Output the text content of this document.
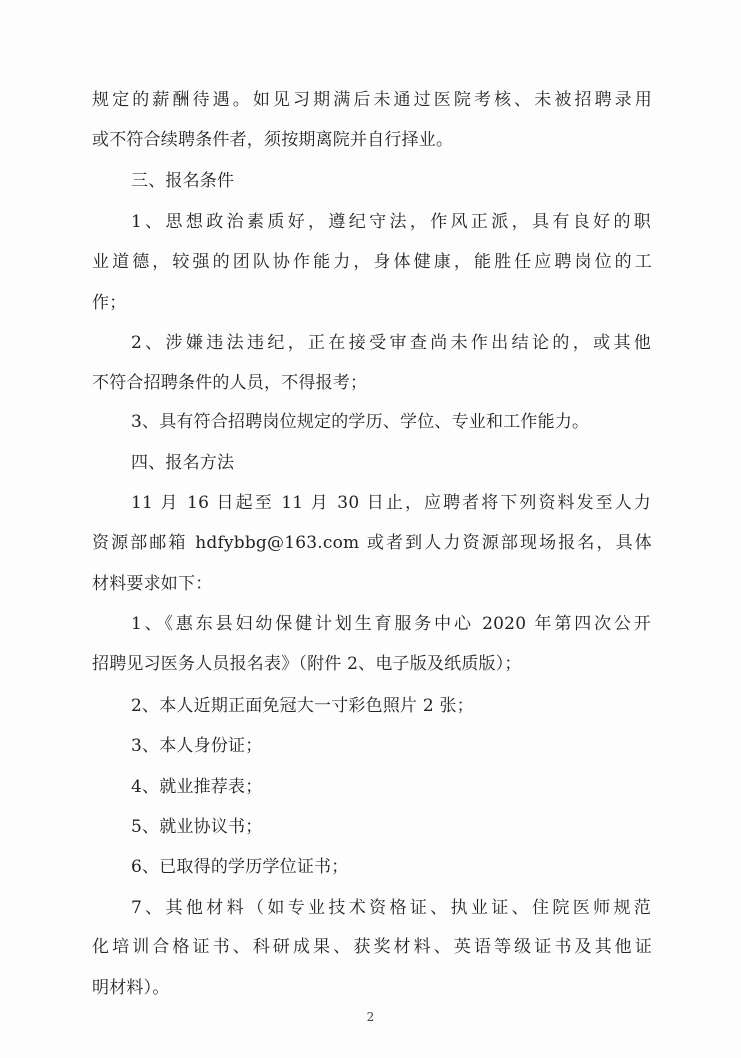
规定的薪酬待遇。如见习期满后未通过医院考核、未被招聘录用
或不符合续聘条件者，须按期离院并自行择业。
三、报名条件
1、思想政治素质好，遵纪守法，作风正派，具有良好的职
业道德，较强的团队协作能力，身体健康，能胜任应聘岗位的工
作；
2、涉嫌违法违纪，正在接受审查尚未作出结论的，或其他
不符合招聘条件的人员，不得报考；
3、具有符合招聘岗位规定的学历、学位、专业和工作能力。
四、报名方法
11 月 16 日起至 11 月 30 日止，应聘者将下列资料发至人力
资源部邮箱 hdfybbg@163.com 或者到人力资源部现场报名，具体
材料要求如下：
1、《惠东县妇幼保健计划生育服务中心 2020 年第四次公开
招聘见习医务人员报名表》（附件 2、电子版及纸质版）；
2、本人近期正面免冠大一寸彩色照片 2 张；
3、本人身份证；
4、就业推荐表；
5、就业协议书；
6、已取得的学历学位证书；
7、其他材料（如专业技术资格证、执业证、住院医师规范
化培训合格证书、科研成果、获奖材料、英语等级证书及其他证
明材料）。
2
